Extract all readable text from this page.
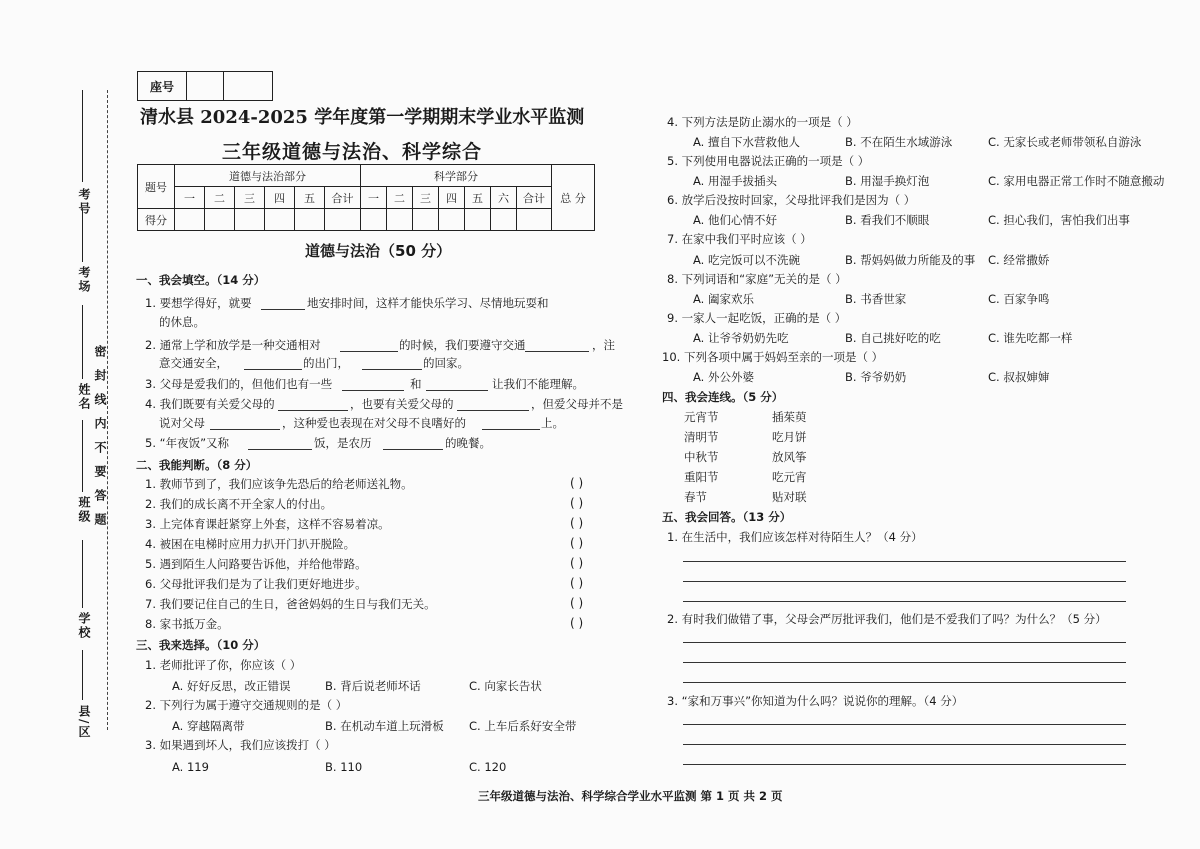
考号
考场
姓名
班级
学校
县/区
密封线内不要答题
座号		
清水县 2024-2025 学年度第一学期期末学业水平监测
三年级道德与法治、科学综合
题号	道德与法治部分						科学部分							总 分
	一	二	三	四	五	合计	一	二	三	四	五	六	合计	
得分														
道德与法治（50 分）
一、我会填空。（14 分）
1. 要想学得好，就要	地安排时间，这样才能快乐学习、尽情地玩耍和
的休息。
2. 通常上学和放学是一种交通相对	的时候，我们要遵守交通	，注
意交通安全，	的出门，	的回家。
3. 父母是爱我们的，但他们也有一些	和	让我们不能理解。
4. 我们既要有关爱父母的	，也要有关爱父母的	，但爱父母并不是
说对父母	，这种爱也表现在对父母不良嗜好的	上。
5. “年夜饭”又称	饭，是农历	的晚餐。
二、我能判断。（8 分）
1. 教师节到了，我们应该争先恐后的给老师送礼物。	( )
2. 我们的成长离不开全家人的付出。	( )
3. 上完体育课赶紧穿上外套，这样不容易着凉。	( )
4. 被困在电梯时应用力扒开门扒开脱险。	( )
5. 遇到陌生人问路要告诉他，并给他带路。	( )
6. 父母批评我们是为了让我们更好地进步。	( )
7. 我们要记住自己的生日，爸爸妈妈的生日与我们无关。	( )
8. 家书抵万金。	( )
三、我来选择。（10 分）
1. 老师批评了你，你应该（ ）
A. 好好反思，改正错误	B. 背后说老师坏话	C. 向家长告状
2. 下列行为属于遵守交通规则的是（ ）
A. 穿越隔离带	B. 在机动车道上玩滑板 C. 上车后系好安全带
3. 如果遇到坏人，我们应该拨打（ ）
A. 119	B. 110	C. 120
4. 下列方法是防止溺水的一项是（ ）
A. 擅自下水营救他人	B. 不在陌生水域游泳	C. 无家长或老师带领私自游泳
5. 下列使用电器说法正确的一项是（ ）
A. 用湿手拔插头	B. 用湿手换灯泡	C. 家用电器正常工作时不随意搬动
6. 放学后没按时回家，父母批评我们是因为（ ）
A. 他们心情不好	B. 看我们不顺眼	C. 担心我们，害怕我们出事
7. 在家中我们平时应该（ ）
A. 吃完饭可以不洗碗	B. 帮妈妈做力所能及的事 C. 经常撒娇
8. 下列词语和“家庭”无关的是（ ）
A. 阖家欢乐	B. 书香世家	C. 百家争鸣
9. 一家人一起吃饭，正确的是（ ）
A. 让爷爷奶奶先吃	B. 自己挑好吃的吃	C. 谁先吃都一样
10. 下列各项中属于妈妈至亲的一项是（ ）
A. 外公外婆	B. 爷爷奶奶	C. 叔叔婶婶
四、我会连线。（5 分）
元宵节	插茱萸
清明节	吃月饼
中秋节	放风筝
重阳节	吃元宵
春节	贴对联
五、我会回答。（13 分）
1. 在生活中，我们应该怎样对待陌生人？（4 分）
2. 有时我们做错了事，父母会严厉批评我们，他们是不爱我们了吗？为什么？（5 分）
3. “家和万事兴”你知道为什么吗？说说你的理解。（4 分）
三年级道德与法治、科学综合学业水平监测 第 1 页 共 2 页
